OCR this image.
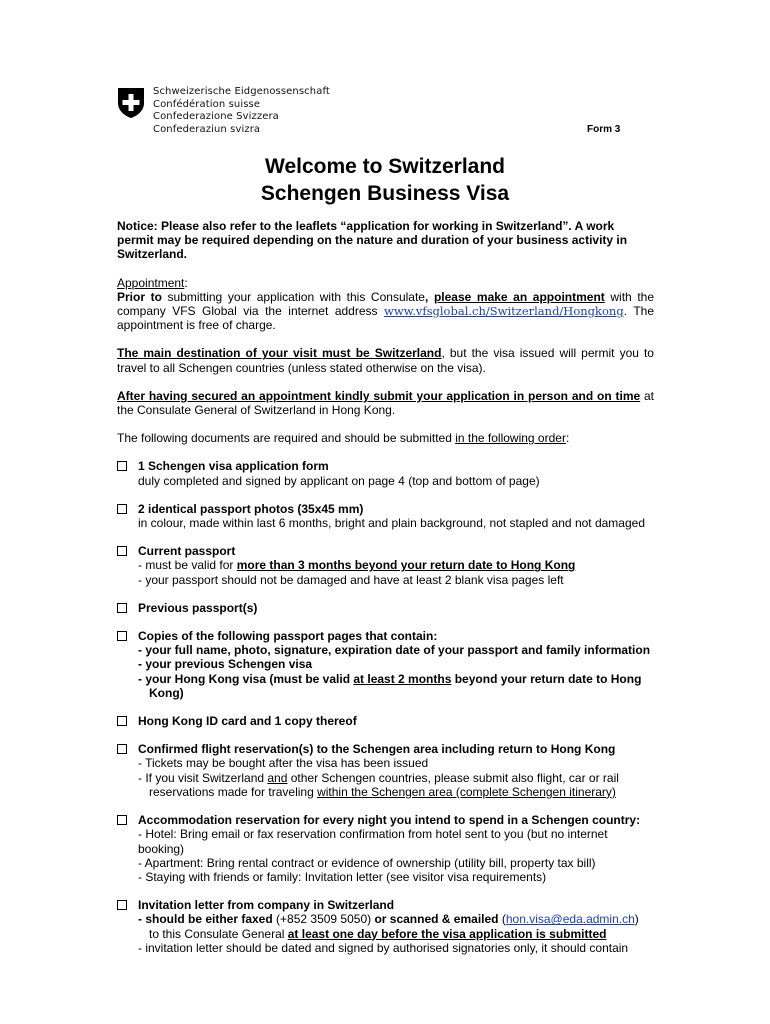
Schweizerische Eidgenossenschaft
Confédération suisse
Confederazione Svizzera
Confederaziun svizra	Form 3
Welcome to Switzerland
Schengen Business Visa

Notice: Please also refer to the leaflets “application for working in Switzerland”. A work permit may be required depending on the nature and duration of your business activity in Switzerland.

Appointment:

Prior to submitting your application with this Consulate, please make an appointment with the company VFS Global via the internet address www.vfsglobal.ch/Switzerland/Hongkong. The appointment is free of charge.

The main destination of your visit must be Switzerland, but the visa issued will permit you to travel to all Schengen countries (unless stated otherwise on the visa).

After having secured an appointment kindly submit your application in person and on time at the Consulate General of Switzerland in Hong Kong.

The following documents are required and should be submitted in the following order:

1 Schengen visa application form

duly completed and signed by applicant on page 4 (top and bottom of page)

2 identical passport photos (35x45 mm)

in colour, made within last 6 months, bright and plain background, not stapled and not damaged

Current passport

- must be valid for more than 3 months beyond your return date to Hong Kong

- your passport should not be damaged and have at least 2 blank visa pages left

Previous passport(s)

Copies of the following passport pages that contain:

- your full name, photo, signature, expiration date of your passport and family information

- your previous Schengen visa

- your Hong Kong visa (must be valid at least 2 months beyond your return date to Hong

Kong)

Hong Kong ID card and 1 copy thereof

Confirmed flight reservation(s) to the Schengen area including return to Hong Kong

- Tickets may be bought after the visa has been issued

- If you visit Switzerland and other Schengen countries, please submit also flight, car or rail

reservations made for traveling within the Schengen area (complete Schengen itinerary)

Accommodation reservation for every night you intend to spend in a Schengen country:

- Hotel: Bring email or fax reservation confirmation from hotel sent to you (but no internet booking)

- Apartment: Bring rental contract or evidence of ownership (utility bill, property tax bill)

- Staying with friends or family: Invitation letter (see visitor visa requirements)

Invitation letter from company in Switzerland

- should be either faxed (+852 3509 5050) or scanned & emailed (hon.visa@eda.admin.ch)

to this Consulate General at least one day before the visa application is submitted

- invitation letter should be dated and signed by authorised signatories only, it should contain
